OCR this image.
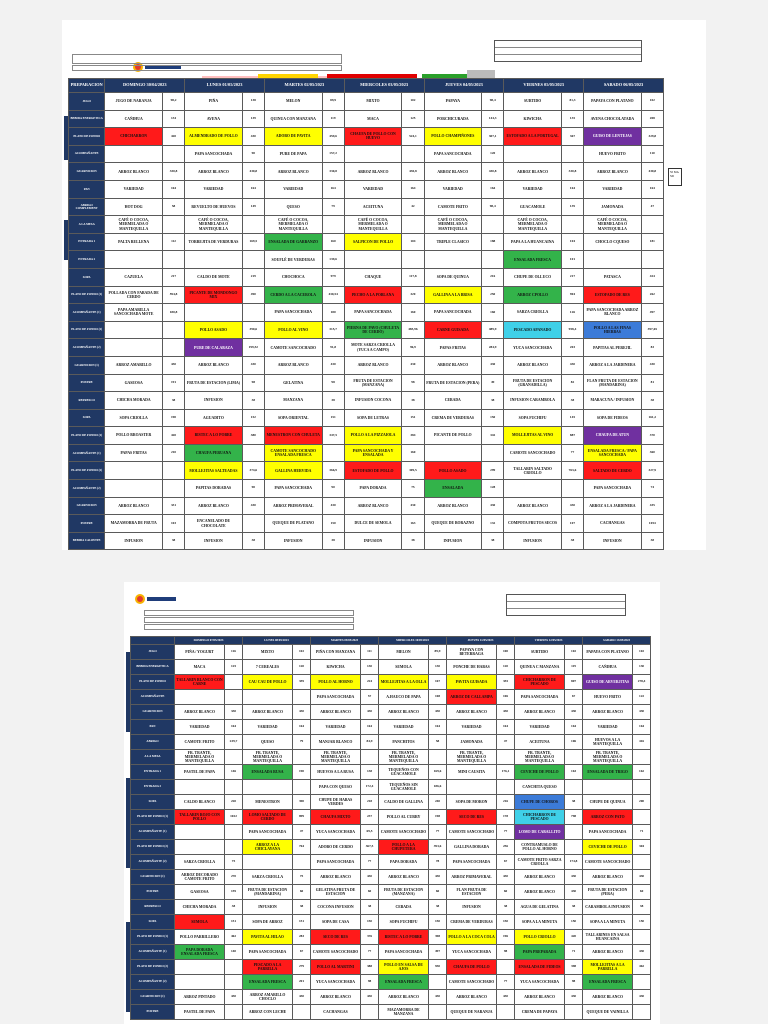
S5 MA SD
PREPARACION	DOMINGO 30/04/2023		LUNES 01/05/2023		MARTES 02/05/2023		MIERCOLES 03/05/2023		JUEVES 04/05/2023		VIERNES 05/05/2023		SABADO 06/05/2023	
JUGO	JUGO DE NARANJA	98,2	PIÑA	138	MELON	89,9	MIXTO	102	PAPAYA	98,4	SURTIDO	81,3	PAPAYA CON PLATANO	102
BEBIDA ENERGETICA	CAÑIHUA	134	AVENA	139	QUINUA CON MANZANA	119	MACA	125	PORCHICURADA	144,3	KIWICHA	135	AVENA CHOCOLATADA	208
PLATO DE FONDO	CHICHARRON	420	ALMENDRADO DE POLLO	430	ADOBO DE PAVITA	459,6	CHAUFA DE POLLO CON HUEVO	524,1	POLLO CHAMPIÑONES	307,1	ESTOFADO A LA PORTUGAL	367	GUISO DE LENTEJAS	329,8
ACOMPAÑANTE			PAPA SANCOCHADA	90	PURE DE PAPA	157,2			PAPA SANCOCHADA	120			HUEVO FRITO	110
GUARNICION	ARROZ BLANCO	330,8	ARROZ BLANCO	430,8	ARROZ BLANCO	330,8	ARROZ BLANCO	430,8	ARROZ BLANCO	430,8	ARROZ BLANCO	330,8	ARROZ BLANCO	430,8
PAN	VARIEDAD	164	VARIEDAD	164	VARIEDAD	164	VARIEDAD	164	VARIEDAD	164	VARIEDAD	164	VARIEDAD	164
ABRIGO COMPLEMENT	HOT DOG	58	REVUELTO DE HUEVOS	149	QUESO	79	ACEITUNA	42	CAMOTE FRITO	98,4	GUACAMOLE	139	JAMONADA	47
A LA MESA	CAFÉ O COCOA, MERMELADA O MANTEQUILLA		CAFÉ O COCOA, MERMELADA O MANTEQUILLA		CAFÉ O COCOA, MERMELADA O MANTEQUILLA		CAFÉ O COCOA, MERMELADA O MANTEQUILLA		CAFÉ O COCOA, MERMELADA O MANTEQUILLA		CAFÉ O COCOA, MERMELADA O MANTEQUILLA		CAFÉ O COCOA, MERMELADA O MANTEQUILLA	
ENTRADA 1	PALTA RELLENA	112	TORREJITA DE VERDURAS	169,5	ENSALADA DE GARBANZO	160	SALPICON DE POLLO	104	TRIPLE CLASICO	188	PAPA A LA HUANCAINA	104	CHOCLO CQUESO	181
ENTRADA 2					SOUFLÉ DE VERDURAS	139,6					ENSALADA FRESCA	101		
SOPA	CAZUELA	217	CALDO DE MOTE	219	CHOCHOCA	979	CHAQUE	117,8	SOPA DE QUINUA	216	CHUPE DE OLLUCO	217	PATASCA	424
PLATO DE FONDO (1)	POLLADA CON FABADA DE CERDO	594,8	PICANTE DE MONDONGO MIX	490	CERDO A LA CACEROLA	430,54	PECHO A LA POBLANA	320	GALLINA A LA BRISA	250	ARROZ CPOLLO	904	ESTOFADO DE RES	262
ACOMPAÑANTE (1)	PAPA AMARILLA SANCOCHADA MOTE	180,8			PAPA SANCOCHADA	180	PAPA SANCOCHADA	160	PAPA SANCOCHADA	160	SARZA CRIOLLA	126	PAPA SANCOCHADA ARROZ BLANCO	497
PLATO DE FONDO (2)			POLLO ASADO	390,6	POLLO AL VINO	315,7	PIERNA DE PAVO (CHULETA DE CERDO)	485,96	CARNE GUISADA	489,9	PESCADO APANADO	958,4	POLLO A LAS FINAS HIERBAS	397,65
ACOMPAÑANTE (2)			PURE DE CALABAZA	199,52	CAMOTE SANCOCHADO	91,8	MOTE SARZA CRIOLLA (YUCA A CAMPO)	96,9	PAPAS FRITAS	284,9	YUCA SANCOCHADA	203	PAPITAS AL PEREJIL	83
GUARNICION (1)	ARROZ AMARILLO	430	ARROZ BLANCO	430	ARROZ BLANCO	430	ARROZ BLANCO	430	ARROZ BLANCO	430	ARROZ BLANCO	430	ARROZ A LA JARDINERA	430
POSTRE	GASEOSA	191	FRUTA DE ESTACION (LIMA)	98	GELATINA	98	FRUTA DE ESTACION (MANZANA)	98	FRUTA DE ESTACION (PERA)	49	FRUTA DE ESTACION (GRANADILLA)	82	FLAN FRUTA DE ESTACION (MANDARINA)	81
REFRESCO	CHICHA MORADA	38	INFUSION	38	MANZANA	38	INFUSION COCONA	38	CEBADA	38	INFUSION CARAMBOLA	38	MARACUYA / INFUSION	38
SOPA	SOPA CRIOLLA	190	AGUADITO	152	SOPA ORIENTAL	151	SOPA DE LETRAS	151	CREMA DE VERDURAS	150	SOPA FUCHIFU	145	SOPA DE FIDEOS	161,2
PLATO DE FONDO (1)	POLLO BROASTER	420	BISTEC A LO POBRE	380	MENESTRON CON CHULETA	347,5	POLLO A LA PIZZAIOLA	384	PICANTE DE POLLO	342	MOLLEJITAS AL VINO	887	CHAUFA DE ATUN	370
ACOMPAÑANTE (1)	PAPAS FRITAS	210	CHAUFA PERUANA		CAMOTE SANCOCHADO ENSALADA FRESCA		PAPA SANCOCHADA Y ENSALADA	160			CAMOTE SANCOCHADO	77	ENSALADA FRESCA / PAPA SANCOCHADA	360
PLATO DE FONDO (2)			MOLLEJITAS SALTEADAS	374,6	GALLINA HERVIDA	366,9	ESTOFADO DE POLLO	309,5	POLLO ASADO	299	TALLARIN SALTADO CRIOLLO	763,6	SALTADO DE CERDO	327,9
ACOMPAÑANTE (2)			PAPITAS DORADAS	90	PAPA SANCOCHADA	90	PAPA DORADA	75	ENSALADA	128			PAPA SANCOCHADA	74
GUARNICION	ARROZ BLANCO	331	ARROZ BLANCO	430	ARROZ PRIMAVERAL	430	ARROZ BLANCO	430	ARROZ BLANCO	430	ARROZ BLANCO	430	ARROZ A LA JARDINERA	435
POSTRE	MAZAMORRA DE FRUTA	103	ENCANELADO DE CHOCOLATE		QUEQUE DE PLATANO	150	DULCE DE SEMOLA	163	QUEQUE DE BORAZNO	132	COMPOTA FRUTOS SECOS	107	CACHANGAS	1054
BEBIDA CALIENTE	INFUSION	38	INFUSION	38	INFUSION	38	INFUSION	38	INFUSION	38	INFUSION	38	INFUSION	38
	DOMINGO 07/05/2023		LUNES 08/05/2023		MARTES 09/05/2023		MIERCOLES 10/05/2023		JUEVES 11/05/2023		VIERNES 12/05/2023		SABADO 13/05/2023	
JUGO	PIÑA / YOGURT	116	MIXTO	102	PIÑA CON MANZANA	111	MELON	89,9	PAPAYA CON BETERRAGA	100	SURTIDO	102	PAPAYA CON PLATANO	102
BEBIDA ENERGETICA	MACA	125	7 CEREALES	120	KIWICHA	130	SEMOLA	130	PONCHE DE HABAS	120	QUINUA C MANZANA	119	CAÑIHUA	130
PLATO DE FONDO	TALLARIN BLANCO CON CARNE		CAU CAU DE POLLO	359	POLLO AL HORNO	224	MOLLEJITAS A LA OLLA	167	PAVITA GUISADA	355	CHICHARRON DE PESCADO	807	GUISO DE ARVERJITAS	278,4
ACOMPAÑANTE					PAPA SANCOCHADA	57	A.HAUCO DE PAPA	108	ARROZ DE CALLAMPA	106	PAPA SANCOCHADA	67	HUEVO FRITO	122
GUARNICION	ARROZ BLANCO	330	ARROZ BLANCO	430	ARROZ BLANCO	430	ARROZ BLANCO	430	ARROZ BLANCO	430	ARROZ BLANCO	430	ARROZ BLANCO	430
PAN	VARIEDAD	164	VARIEDAD	164	VARIEDAD	164	VARIEDAD	164	VARIEDAD	164	VARIEDAD	164	VARIEDAD	164
ABRIGO	CAMOTE FRITO	239,7	QUESO	79	MANJAR BLANCO	84,9	PANCHITOS	58	JAMONADA	47	ACEITUNA	106	HUEVOS A LA MANTEQUILLA	416
A LA MESA	FR. TRANTE, MERMELADA O MANTEQUILLA		FR. TRANTE, MERMELADA O MANTEQUILLA		FR. TRANTE, MERMELADA O MANTEQUILLA		FR. TRANTE, MERMELADA O MANTEQUILLA		FR. TRANTE, MERMELADA O MANTEQUILLA		FR. TRANTE, MERMELADA O MANTEQUILLA		FR. TRANTE, MERMELADA O MANTEQUILLA	
ENTRADA 1	PASTEL DE PAPA	146	ENSALADA RUSA	190	HUEVOS A LA RUSA	138	TEQUEÑOS CON GUACAMOLE	169,6	MINI CAUSITA	176,1	CEVICHE DE POLLO	163	ENSALADA DE TRIGO	162
ENTRADA 2					PAPA CON QUESO	172,4	TEQUEÑOS SIN GUACAMOLE	186,6			CANCHITA QUESO			
SOPA	CALDO BLANCO	220	MENESTRON	390	CHUPE DE HABAS VERDES	218	CALDO DE GALLINA	240	SOPA DE MORON	216	CHUPE DE CHOROS	38	CHUPE DE QUINUA	200
PLATO DE FONDO (1)	TALLARIN ROJO CON POLLO	1022	LOMO SALTADO DE CERDO	899	CHAUFA MIXTO	237	POLLO AL CURRY	198	SECO DE RES	178	CHICHARRON DE PESCADO	798	ARROZ CON PATO	
ACOMPAÑANTE (1)			PAPA SANCOCHADA	47	YUCA SANCOCHADA	69,5	CAMOTE SANCOCHADO	77	CAMOTE SANCOCHADO	77	LOMO DE CABALLITO		PAPA SANCOCHADA	71
PLATO DE FONDO (2)			ARROZ A LA CHICLAYANA	764	ADOBO DE CERDO	367,5	POLLO A LA CHUPETERA	393,6	GALLINA DORADA	256	CONTRAMUSLO DE POLLO AL HORNO		CEVICHE DE POLLO	304
ACOMPAÑANTE (2)	SARZA CRIOLLA	75			PAPA SANCOCHADA	77	PAPA DORADA	78	PAPA SANCOCHADA	67	CAMOTE FRITO SARZA CRIOLLA	174,8	CAMOTE SANCOCHADO	
GUARNICION (1)	ARROZ DECORADO CAMOTE FRITO	270	SARZA CRIOLLA	75	ARROZ BLANCO	430	ARROZ BLANCO	430	ARROZ PRIMAVERAL	430	ARROZ BLANCO	430	ARROZ BLANCO	430
POSTRE	GASEOSA	159	FRUTA DE ESTACION (MANDARINA)	60	GELATINA FRUTA DE ESTACION	60	FRUTA DE ESTACION (MANZANA)	60	FLAN FRUTA DE ESTACION	60	ARROZ BLANCO	430	FRUTA DE ESTACION (PERA)	60
REFRESCO	CHICHA MORADA	38	INFUSION	38	COCONA INFUSION	38	CEBADA	38	INFUSION	38	AGUA DE GELATINA	38	CARAMBOLA INFUSION	38
SOPA	SEMOLA	151	SOPA DE ARROZ	151	SOPA DE CASA	150	SOPA FUCHIFU	150	CREMA DE VERDURAS	150	SOPA A LA MINUTA	150	SOPA A LA MINUTA	150
PLATO DE FONDO (1)	POLLO PARRILLERO	462	PAVITA AL HILAO	283	SECO DE RES	376	BISTEC A LO POBRE	398	POLLO A LA COCA COLA	196	POLLO CRIOLLO	420	TALLARINES EN SALSA HUANCAINA	
ACOMPAÑANTE (1)	PAPA DORADA ENSALADA FRESCA	140	PAPA SANCOCHADA	67	CAMOTE SANCOCHADO	77	PAPA SANCOCHADA	497	YUCA SANCOCHADA	98	PAPA PREPARADA	71	ARROZ BLANCO	430
PLATO DE FONDO (2)			PESCADO A LA PARRILLA	279	POLLO AL MARTINI	388	POLLO EN SALSA DE AJOS	930	CHAUFA DE POLLO		ENSALADA DE FIDEOS	398	MOLLEJITAS A LA PARRILLA	462
ACOMPAÑANTE (2)			ENSALADA FRESCA	201	YUCA SANCOCHADA	98	ENSALADA FRESCA		CAMOTE SANCOCHADO	77	YUCA SANCOCHADA	98	ENSALADA FRESCA	
GUARNICION (1)	ARROZ PINTADO	430	ARROZ AMARILLO CHOCLO	430	ARROZ BLANCO	430	ARROZ BLANCO	430	ARROZ BLANCO	430	ARROZ BLANCO	430	ARROZ BLANCO	430
POSTRE	PASTEL DE PAPA		ARROZ CON LECHE		CACHANGAS		MAZAMORRA DE MANZANA		QUEQUE DE NARANJA		CREMA DE PAPAYA		QUEQUE DE VAINILLA	
